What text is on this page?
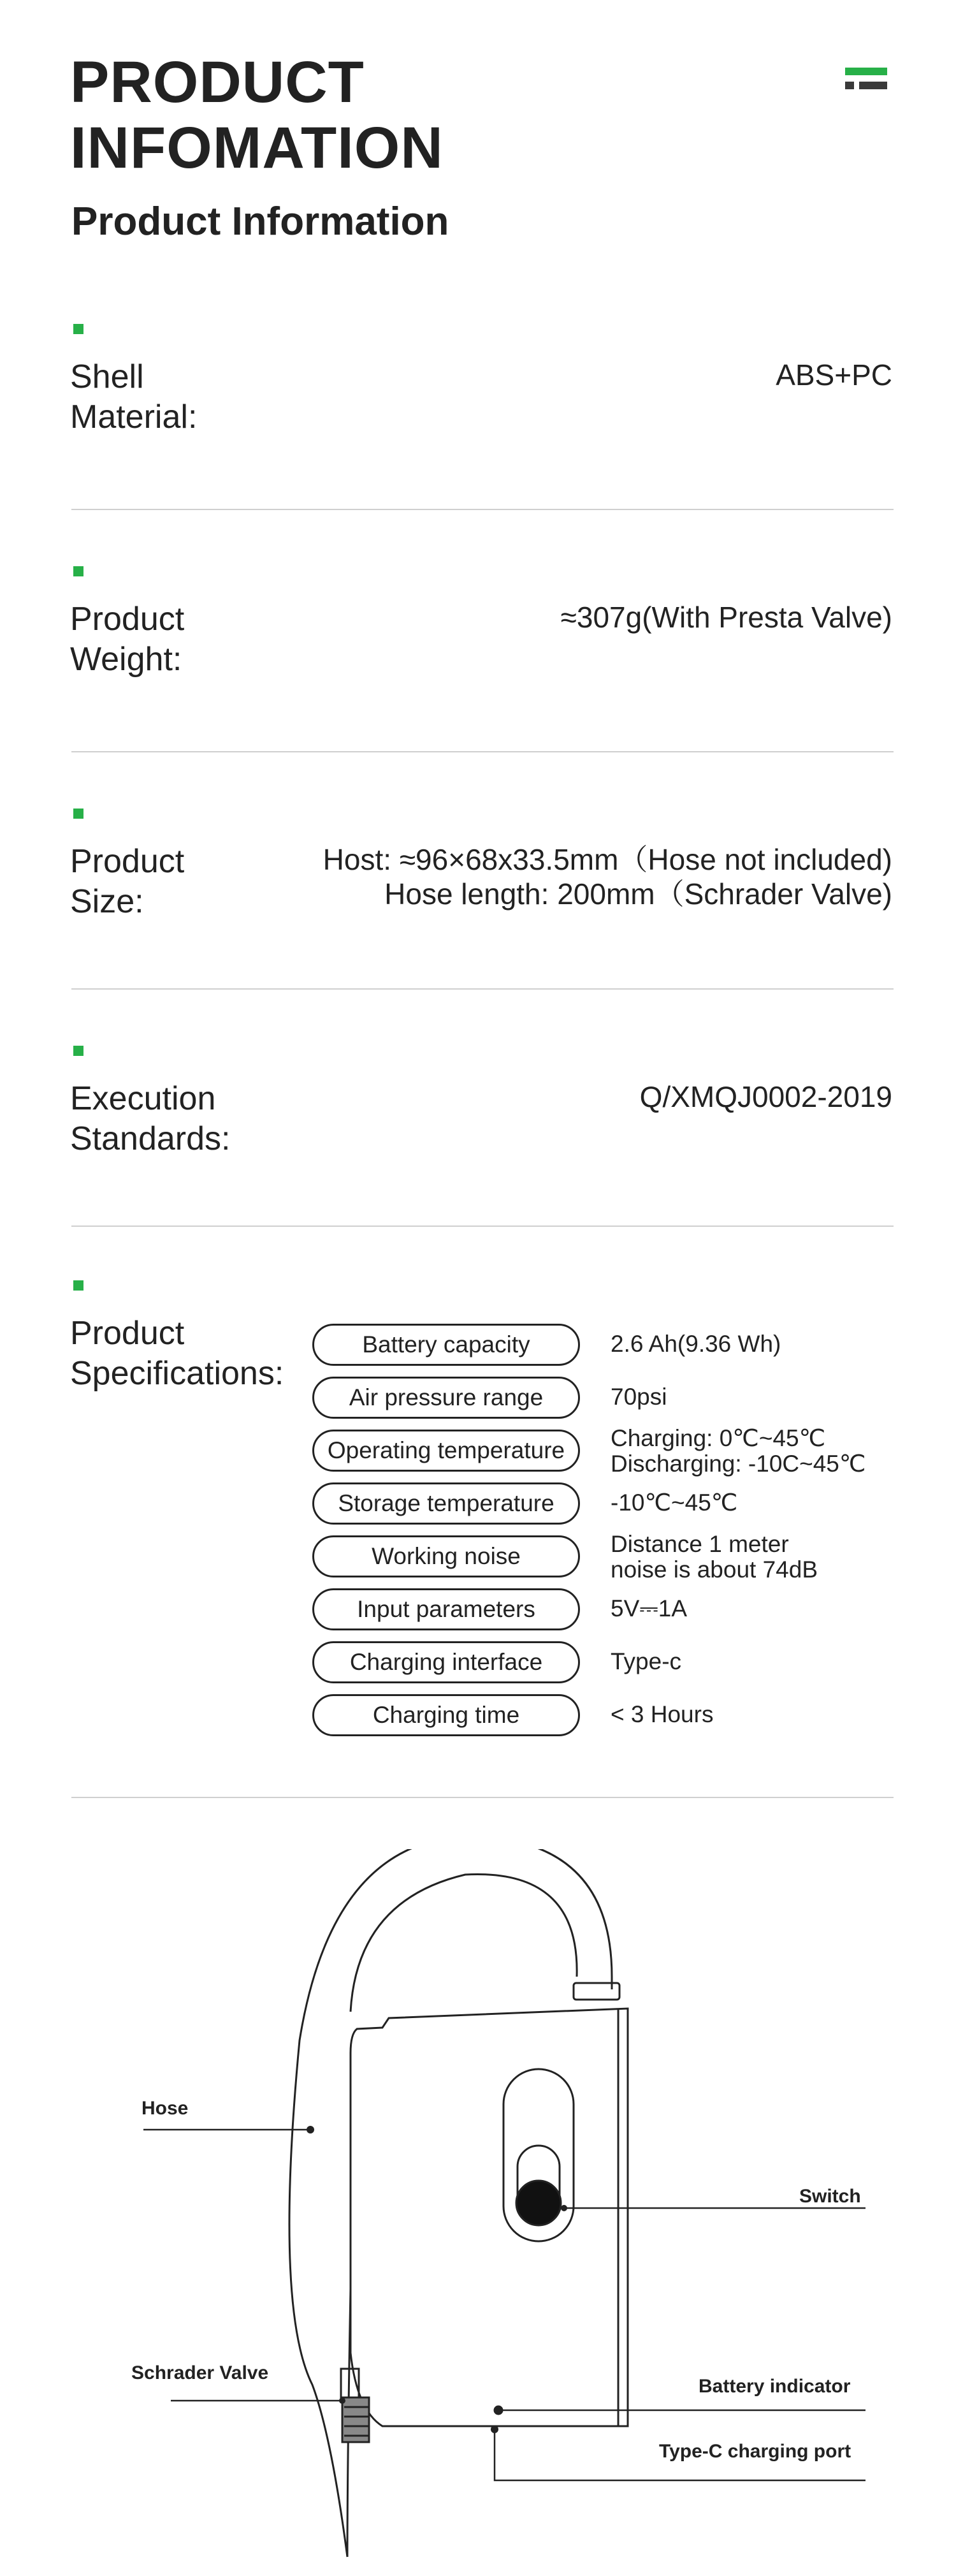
PRODUCT
INFOMATION
Product Information
Shell
Material:
ABS+PC
Product
Weight:
≈307g(With Presta Valve)
Product
Size:
Host: ≈96×68x33.5mm（Hose not included)
Hose length: 200mm（Schrader Valve)
Execution
Standards:
Q/XMQJ0002-2019
Product
Specifications:
Battery capacity	2.6 Ah(9.36 Wh)
Air pressure range	70psi
Operating temperature	Charging: 0℃~45℃
Discharging: -10C~45℃
Storage temperature	-10℃~45℃
Working noise	Distance 1 meter
noise is about 74dB
Input parameters	5V⎓1A
Charging interface	Type-c
Charging time	< 3 Hours
Hose
Switch
Schrader Valve
Battery indicator
Type-C charging port
